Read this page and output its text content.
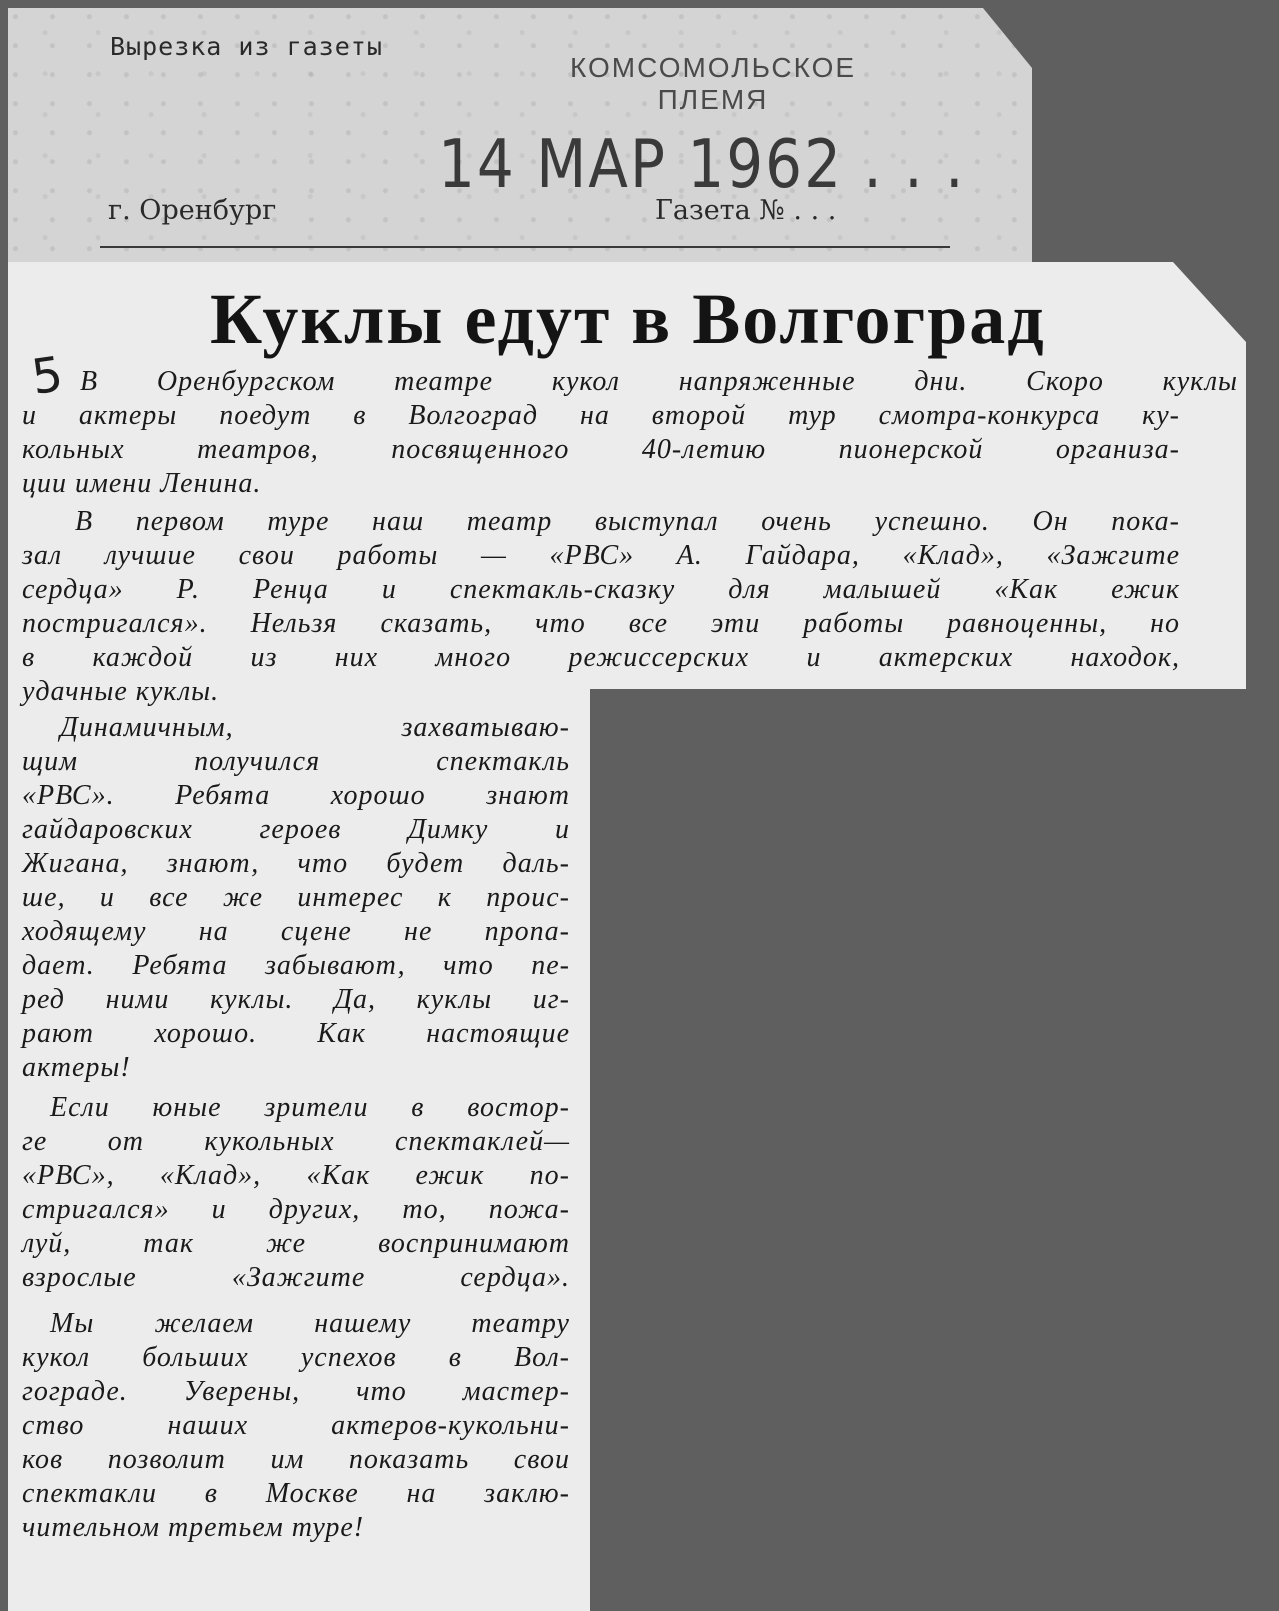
Вырезка из газеты
КОМСОМОЛЬСКОЕ
ПЛЕМЯ
14 МАР 1962 . . .
г. Оренбург	Газета № . . .
Куклы едут в Волгоград
5 В Оренбургском театре кукол напряженные дни. Скоро куклы
и актеры поедут в Волгоград на второй тур смотра-конкурса ку-
кольных театров, посвященного 40-летию пионерской организа-
ции имени Ленина.
В первом туре наш театр выступал очень успешно. Он пока-
зал лучшие свои работы — «РВС» А. Гайдара, «Клад», «Зажгите
сердца» Р. Ренца и спектакль-сказку для малышей «Как ежик
постригался». Нельзя сказать, что все эти работы равноценны, но
в каждой из них много режиссерских и актерских находок,
удачные куклы.
Динамичным, захватываю-
щим получился спектакль
«РВС». Ребята хорошо знают
гайдаровских героев Димку и
Жигана, знают, что будет даль-
ше, и все же интерес к проис-
ходящему на сцене не пропа-
дает. Ребята забывают, что пе-
ред ними куклы. Да, куклы иг-
рают хорошо. Как настоящие
актеры!
Если юные зрители в востор-
ге от кукольных спектаклей—
«РВС», «Клад», «Как ежик по-
стригался» и других, то, пожа-
луй, так же воспринимают
взрослые «Зажгите сердца».
Мы желаем нашему театру
кукол больших успехов в Вол-
гограде. Уверены, что мастер-
ство наших актеров-кукольни-
ков позволит им показать свои
спектакли в Москве на заклю-
чительном третьем туре!
